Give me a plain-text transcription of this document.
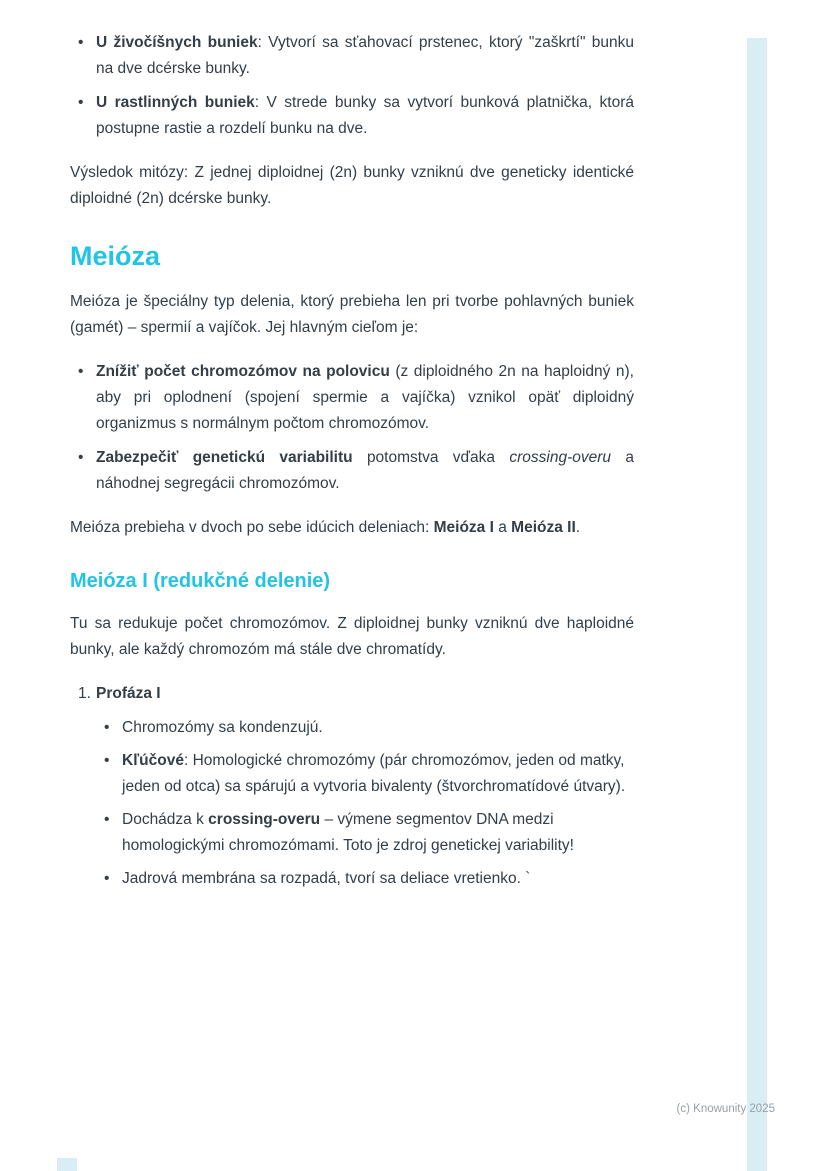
• U živočíšnych buniek: Vytvorí sa sťahovací prstenec, ktorý "zaškrtí" bunku na dve dcérske bunky.
• U rastlinných buniek: V strede bunky sa vytvorí bunková platnička, ktorá postupne rastie a rozdelí bunku na dve.

Výsledok mitózy: Z jednej diploidnej (2n) bunky vzniknú dve geneticky identické diploidné (2n) dcérske bunky.

Meióza

Meióza je špeciálny typ delenia, ktorý prebieha len pri tvorbe pohlavných buniek (gamét) – spermií a vajíčok. Jej hlavným cieľom je:

• Znížiť počet chromozómov na polovicu (z diploidného 2n na haploidný n), aby pri oplodnení (spojení spermie a vajíčka) vznikol opäť diploidný organizmus s normálnym počtom chromozómov.
• Zabezpečiť genetickú variabilitu potomstva vďaka crossing-overu a náhodnej segregácii chromozómov.

Meióza prebieha v dvoch po sebe idúcich deleniach: Meióza I a Meióza II.

Meióza I (redukčné delenie)

Tu sa redukuje počet chromozómov. Z diploidnej bunky vzniknú dve haploidné bunky, ale každý chromozóm má stále dve chromatídy.

1. Profáza I
• Chromozómy sa kondenzujú.
• Kľúčové: Homologické chromozómy (pár chromozómov, jeden od matky, jeden od otca) sa spárujú a vytvoria bivalenty (štvorchromatídové útvary).
• Dochádza k crossing-overu – výmene segmentov DNA medzi homologickými chromozómami. Toto je zdroj genetickej variability!
• Jadrová membrána sa rozpadá, tvorí sa deliace vretienko. `
(c) Knowunity 2025
